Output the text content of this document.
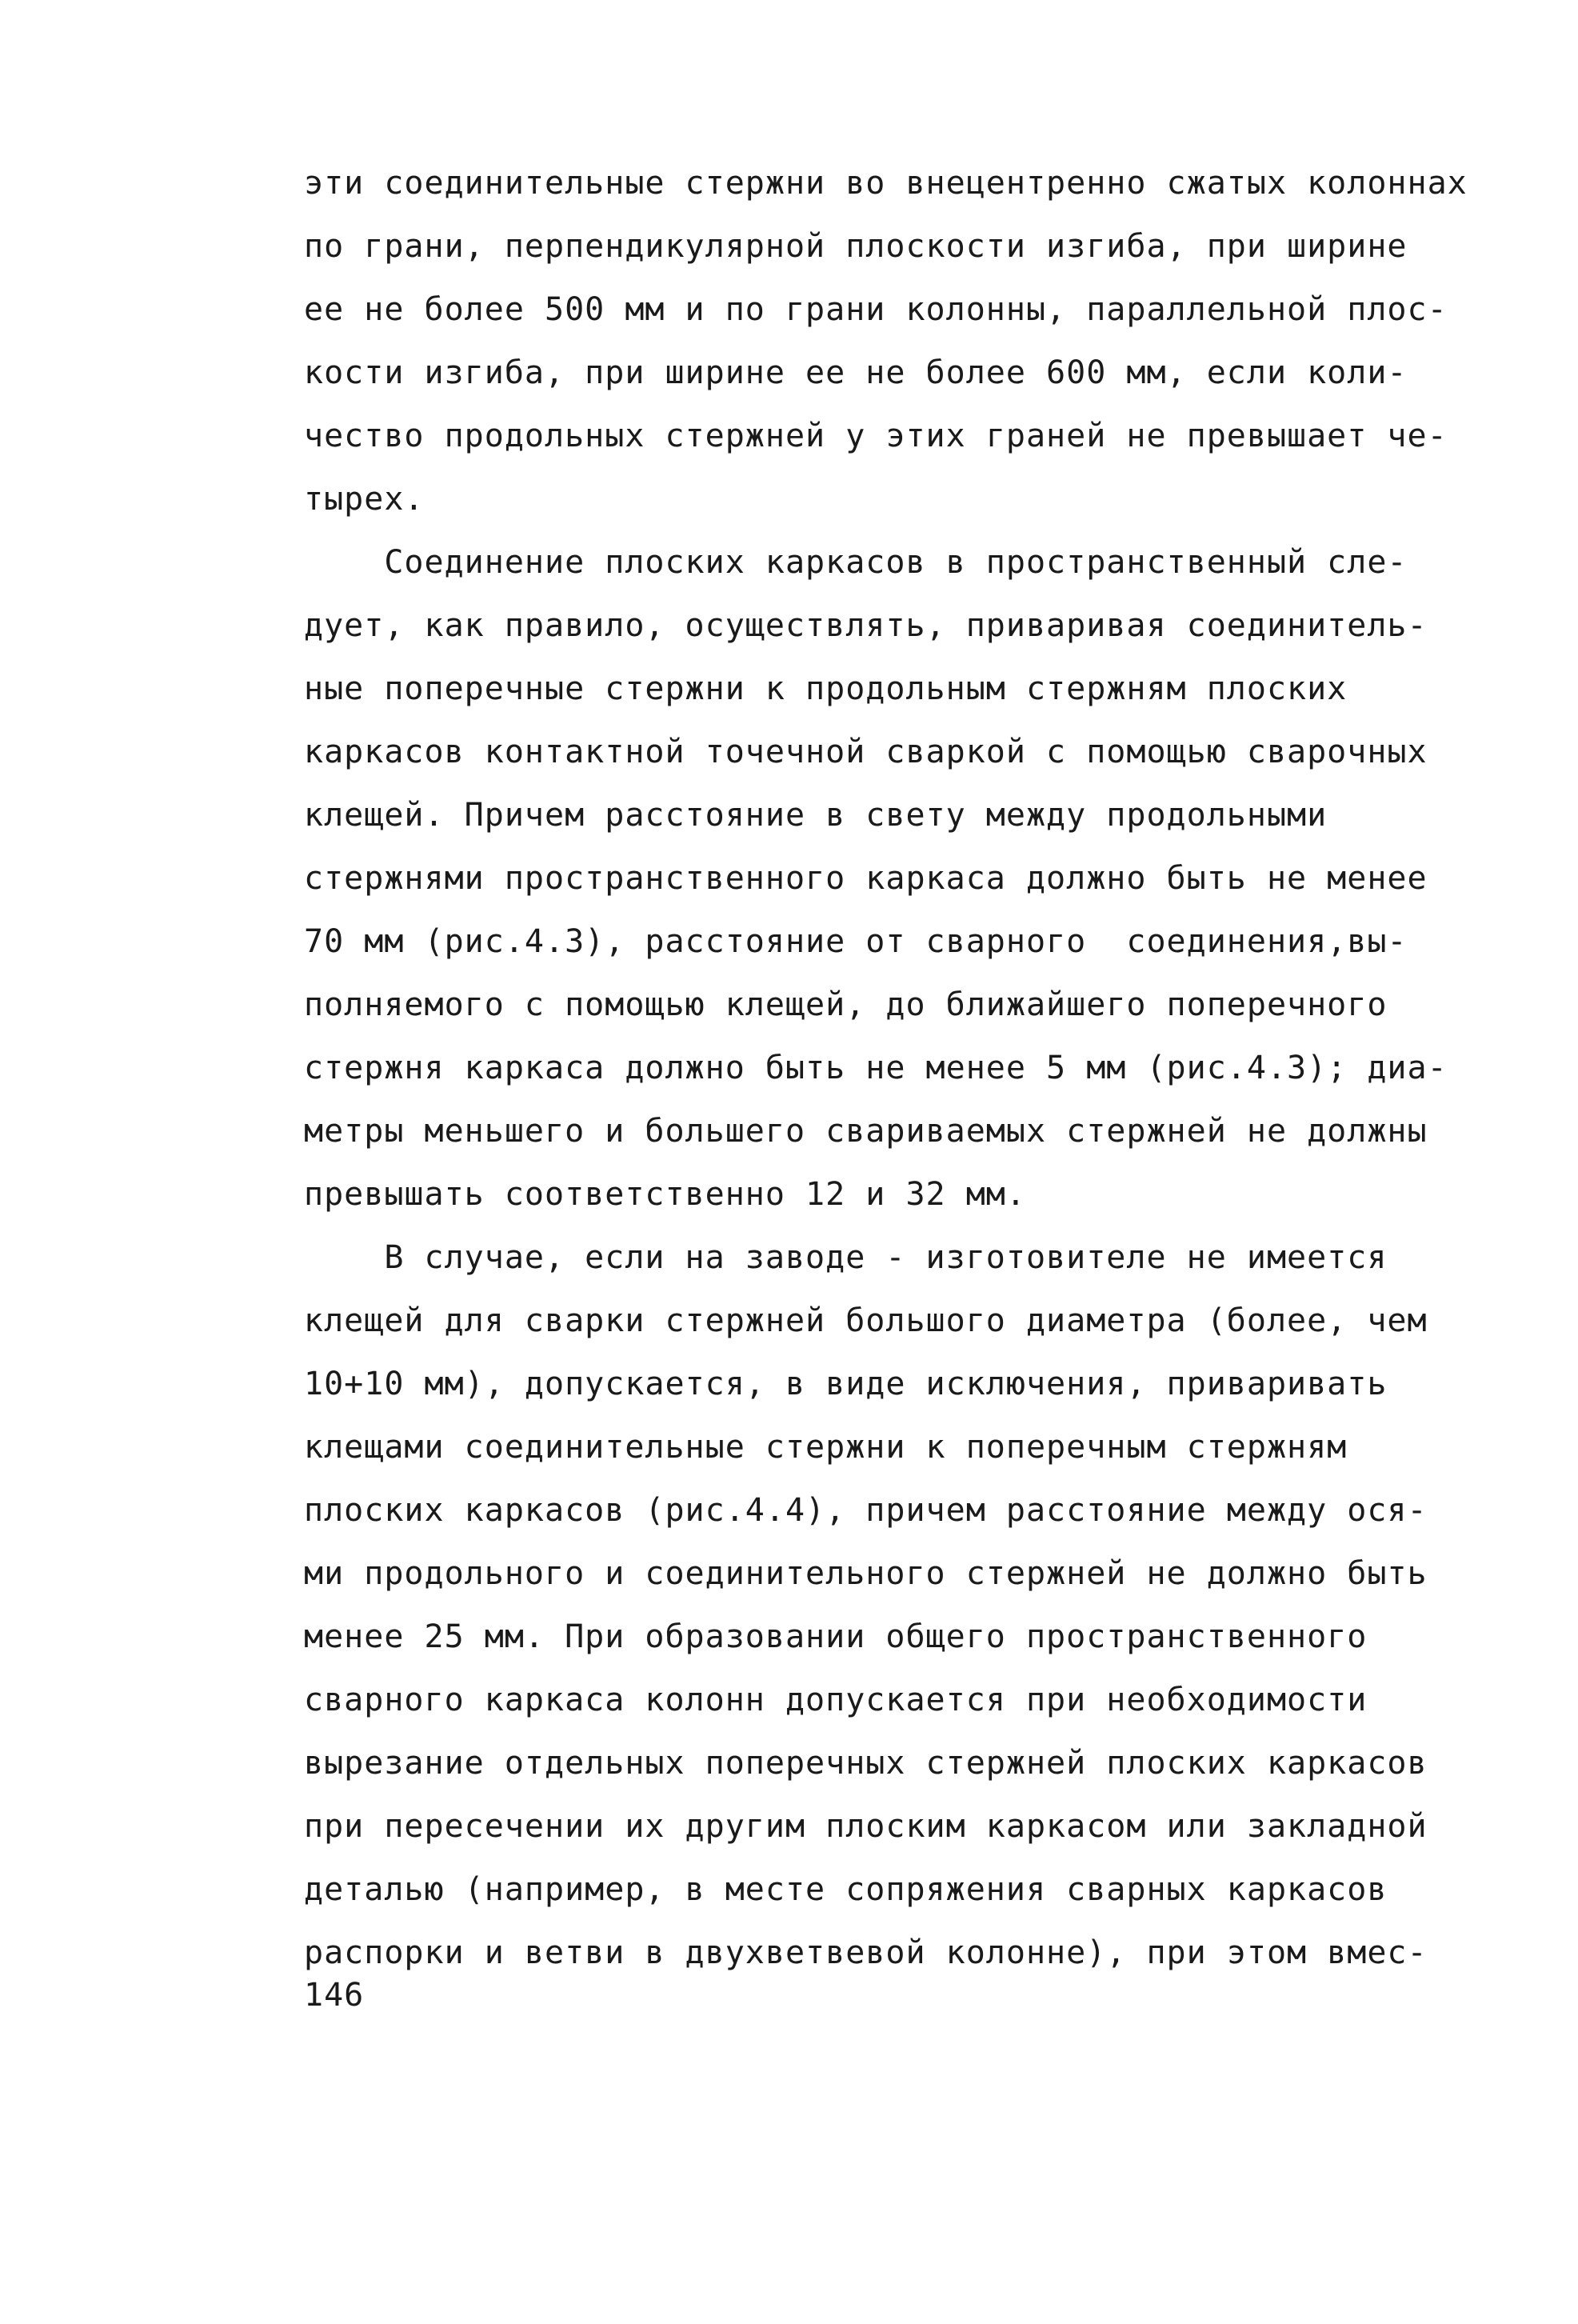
эти соединительные стержни во внецентренно сжатых колоннах
по грани, перпендикулярной плоскости изгиба, при ширине
ее не более 500 мм и по грани колонны, параллельной плос-
кости изгиба, при ширине ее не более 600 мм, если коли-
чество продольных стержней у этих граней не превышает че-
тырех.
Соединение плоских каркасов в пространственный сле-
дует, как правило, осуществлять, приваривая соединитель-
ные поперечные стержни к продольным стержням плоских
каркасов контактной точечной сваркой с помощью сварочных
клещей. Причем расстояние в свету между продольными
стержнями пространственного каркаса должно быть не менее
70 мм (рис.4.3), расстояние от сварного  соединения,вы-
полняемого с помощью клещей, до ближайшего поперечного
стержня каркаса должно быть не менее 5 мм (рис.4.3); диа-
метры меньшего и большего свариваемых стержней не должны
превышать соответственно 12 и 32 мм.
В случае, если на заводе - изготовителе не имеется
клещей для сварки стержней большого диаметра (более, чем
10+10 мм), допускается, в виде исключения, приваривать
клещами соединительные стержни к поперечным стержням
плоских каркасов (рис.4.4), причем расстояние между ося-
ми продольного и соединительного стержней не должно быть
менее 25 мм. При образовании общего пространственного
сварного каркаса колонн допускается при необходимости
вырезание отдельных поперечных стержней плоских каркасов
при пересечении их другим плоским каркасом или закладной
деталью (например, в месте сопряжения сварных каркасов
распорки и ветви в двухветвевой колонне), при этом вмес-
146
